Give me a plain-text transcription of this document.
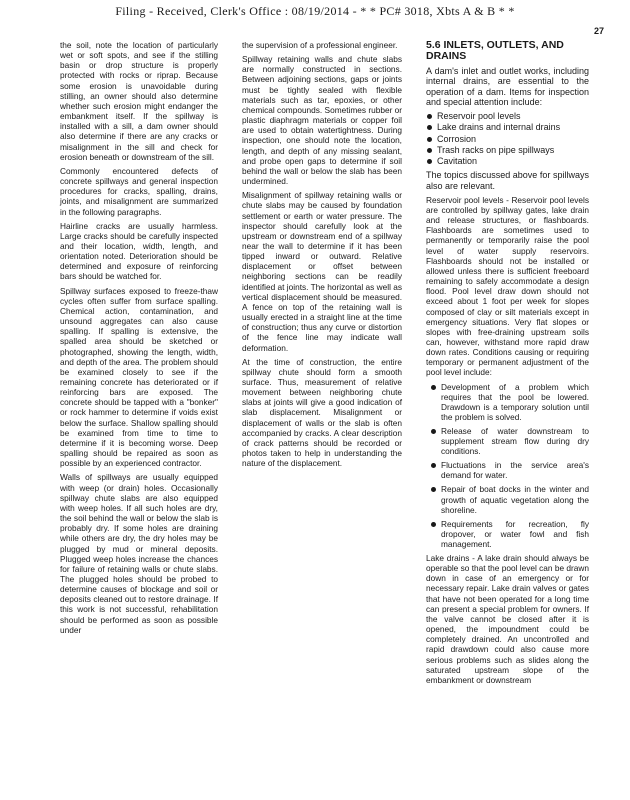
Filing - Received, Clerk's Office : 08/19/2014 - * * PC# 3018, Xbts A & B * *
27

the soil, note the location of particularly wet or soft spots, and see if the stilling basin or drop structure is properly protected with rocks or riprap. Because some erosion is unavoidable during stilling, an owner should also determine whether such erosion might endanger the embankment itself. If the spillway is installed with a sill, a dam owner should also determine if there are any cracks or misalignment in the sill and check for erosion beneath or downstream of the sill.

Commonly encountered defects of concrete spillways and general inspection procedures for cracks, spalling, drains, joints, and misalignment are summarized in the following paragraphs.

Hairline cracks are usually harmless. Large cracks should be carefully inspected and their location, width, length, and orientation noted. Deterioration should be determined and exposure of reinforcing bars should be watched for.

Spillway surfaces exposed to freeze-thaw cycles often suffer from surface spalling. Chemical action, contamination, and unsound aggregates can also cause spalling. If spalling is extensive, the spalled area should be sketched or photographed, showing the length, width, and depth of the area. The problem should be examined closely to see if the remaining concrete has deteriorated or if reinforcing bars are exposed. The concrete should be tapped with a "bonker" or rock hammer to determine if voids exist below the surface. Shallow spalling should be examined from time to time to determine if it is becoming worse. Deep spalling should be repaired as soon as possible by an experienced contractor.

Walls of spillways are usually equipped with weep (or drain) holes. Occasionally spillway chute slabs are also equipped with weep holes. If all such holes are dry, the soil behind the wall or below the slab is probably dry. If some holes are draining while others are dry, the dry holes may be plugged by mud or mineral deposits. Plugged weep holes increase the chances for failure of retaining walls or chute slabs. The plugged holes should be probed to determine causes of blockage and soil or deposits cleaned out to restore drainage. If this work is not successful, rehabilitation should be performed as soon as possible under

the supervision of a professional engineer.

Spillway retaining walls and chute slabs are normally constructed in sections. Between adjoining sections, gaps or joints must be tightly sealed with flexible materials such as tar, epoxies, or other chemical compounds. Sometimes rubber or plastic diaphragm materials or copper foil are used to obtain watertightness. During inspection, one should note the location, length, and depth of any missing sealant, and probe open gaps to determine if soil behind the wall or below the slab has been undermined.

Misalignment of spillway retaining walls or chute slabs may be caused by foundation settlement or earth or water pressure. The inspector should carefully look at the upstream or downstream end of a spillway near the wall to determine if it has been tipped inward or outward. Relative displacement or offset between neighboring sections can be readily identified at joints. The horizontal as well as vertical displacement should be measured. A fence on top of the retaining wall is usually erected in a straight line at the time of construction; thus any curve or distortion of the fence line may indicate wall deformation.

At the time of construction, the entire spillway chute should form a smooth surface. Thus, measurement of relative movement between neighboring chute slabs at joints will give a good indication of slab displacement. Misalignment or displacement of walls or the slab is often accompanied by cracks. A clear description of crack patterns should be recorded or photos taken to help in understanding the nature of the displacement.

5.6 INLETS, OUTLETS, AND DRAINS

A dam's inlet and outlet works, including internal drains, are essential to the operation of a dam. Items for inspection and special attention include:

Reservoir pool levels
Lake drains and internal drains
Corrosion
Trash racks on pipe spillways
Cavitation

The topics discussed above for spillways also are relevant.

Reservoir pool levels - Reservoir pool levels are controlled by spillway gates, lake drain and release structures, or flashboards. Flashboards are sometimes used to permanently or temporarily raise the pool level of water supply reservoirs. Flashboards should not be installed or allowed unless there is sufficient freeboard remaining to safely accommodate a design flood. Pool level draw down should not exceed about 1 foot per week for slopes composed of clay or silt materials except in emergency situations. Very flat slopes or slopes with free-draining upstream soils can, however, withstand more rapid draw down rates. Conditions causing or requiring temporary or permanent adjustment of the pool level include:

Development of a problem which requires that the pool be lowered. Drawdown is a temporary solution until the problem is solved.
Release of water downstream to supplement stream flow during dry conditions.
Fluctuations in the service area's demand for water.
Repair of boat docks in the winter and growth of aquatic vegetation along the shoreline.
Requirements for recreation, fly dropover, or water fowl and fish management.

Lake drains - A lake drain should always be operable so that the pool level can be drawn down in case of an emergency or for necessary repair. Lake drain valves or gates that have not been operated for a long time can present a special problem for owners. If the valve cannot be closed after it is opened, the impoundment could be completely drained. An uncontrolled and rapid drawdown could also cause more serious problems such as slides along the saturated upstream slope of the embankment or downstream
